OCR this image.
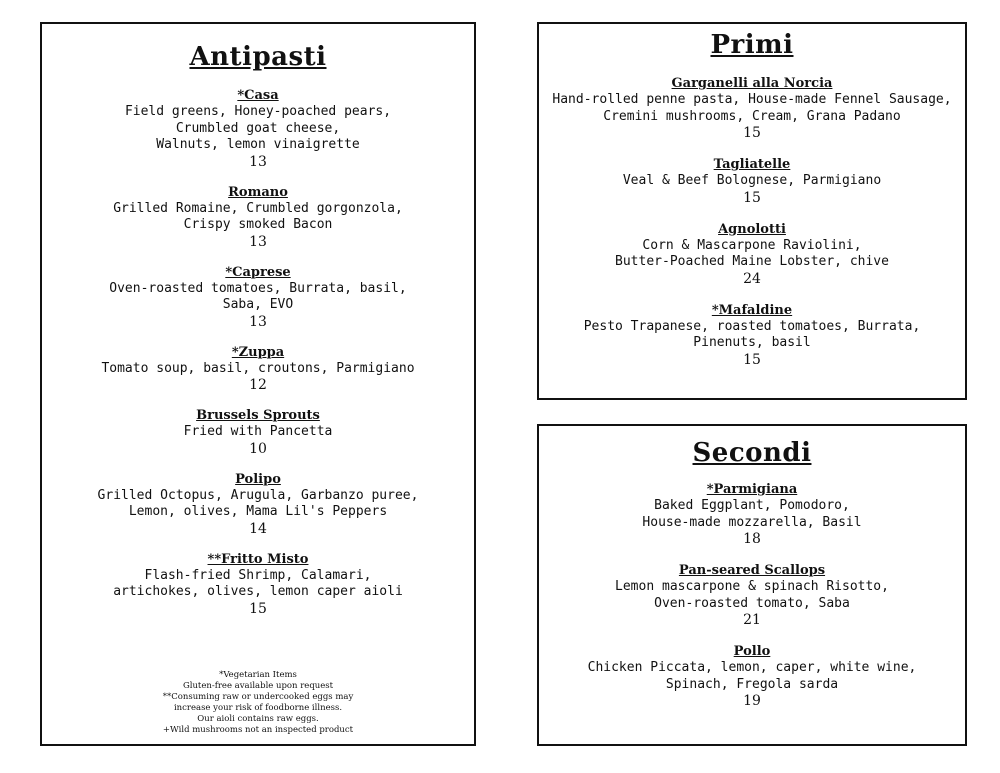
Antipasti
*Casa
Field greens, Honey-poached pears,
Crumbled goat cheese,
Walnuts, lemon vinaigrette
13
Romano
Grilled Romaine, Crumbled gorgonzola,
Crispy smoked Bacon
13
*Caprese
Oven-roasted tomatoes, Burrata, basil,
Saba, EVO
13
*Zuppa
Tomato soup, basil, croutons, Parmigiano
12
Brussels Sprouts
Fried with Pancetta
10
Polipo
Grilled Octopus, Arugula, Garbanzo puree,
Lemon, olives, Mama Lil's Peppers
14
**Fritto Misto
Flash-fried Shrimp, Calamari,
artichokes, olives, lemon caper aioli
15
*Vegetarian Items
Gluten-free available upon request
**Consuming raw or undercooked eggs may
increase your risk of foodborne illness.
Our aioli contains raw eggs.
+Wild mushrooms not an inspected product
Primi
Garganelli alla Norcia
Hand-rolled penne pasta, House-made Fennel Sausage,
Cremini mushrooms, Cream, Grana Padano
15
Tagliatelle
Veal & Beef Bolognese, Parmigiano
15
Agnolotti
Corn & Mascarpone Raviolini,
Butter-Poached Maine Lobster, chive
24
*Mafaldine
Pesto Trapanese, roasted tomatoes, Burrata,
Pinenuts, basil
15
Secondi
*Parmigiana
Baked Eggplant, Pomodoro,
House-made mozzarella, Basil
18
Pan-seared Scallops
Lemon mascarpone & spinach Risotto,
Oven-roasted tomato, Saba
21
Pollo
Chicken Piccata, lemon, caper, white wine,
Spinach, Fregola sarda
19
